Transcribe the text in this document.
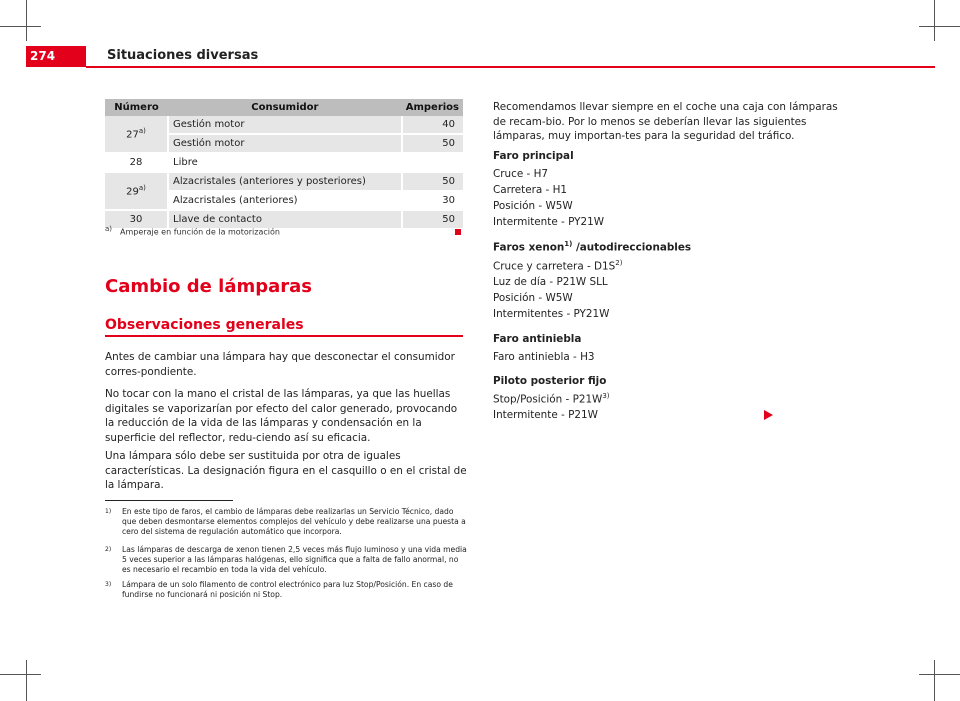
274	Situaciones diversas
Número	Consumidor	Amperios
27$^{a)}$	Gestión motor	40
	Gestión motor	50
28	Libre	
29$^{a)}$	Alzacristales (anteriores y posteriores)	50
	Alzacristales (anteriores)	30
30	Llave de contacto	50
$^{a)}$ Amperaje en función de la motorización
Cambio de lámparas
Observaciones generales
Antes de cambiar una lámpara hay que desconectar el consumidor corres-pondiente.
No tocar con la mano el cristal de las lámparas, ya que las huellas digitales se vaporizarían por efecto del calor generado, provocando la reducción de la vida de las lámparas y condensación en la superficie del reflector, redu-ciendo así su eficacia.
Una lámpara sólo debe ser sustituida por otra de iguales características. La designación figura en el casquillo o en el cristal de la lámpara.
1) En este tipo de faros, el cambio de lámparas debe realizarlas un Servicio Técnico, dado que deben desmontarse elementos complejos del vehículo y debe realizarse una puesta a cero del sistema de regulación automático que incorpora.
2) Las lámparas de descarga de xenon tienen 2,5 veces más flujo luminoso y una vida media 5 veces superior a las lámparas halógenas, ello significa que a falta de fallo anormal, no es necesario el recambio en toda la vida del vehículo.
3) Lámpara de un solo filamento de control electrónico para luz Stop/Posición. En caso de fundirse no funcionará ni posición ni Stop.
Recomendamos llevar siempre en el coche una caja con lámparas de recam-bio. Por lo menos se deberían llevar las siguientes lámparas, muy importan-tes para la seguridad del tráfico.
Faro principal
Cruce - H7
Carretera - H1
Posición - W5W
Intermitente - PY21W
Faros xenon$^{1)}$ /autodireccionables
Cruce y carretera - $D1S^{2)}$
Luz de día - P21W SLL
Posición - W5W
Intermitentes - PY21W
Faro antiniebla
Faro antiniebla - H3
Piloto posterior fijo
Stop/Posición - $P21W^{3)}$
Intermitente - P21W
